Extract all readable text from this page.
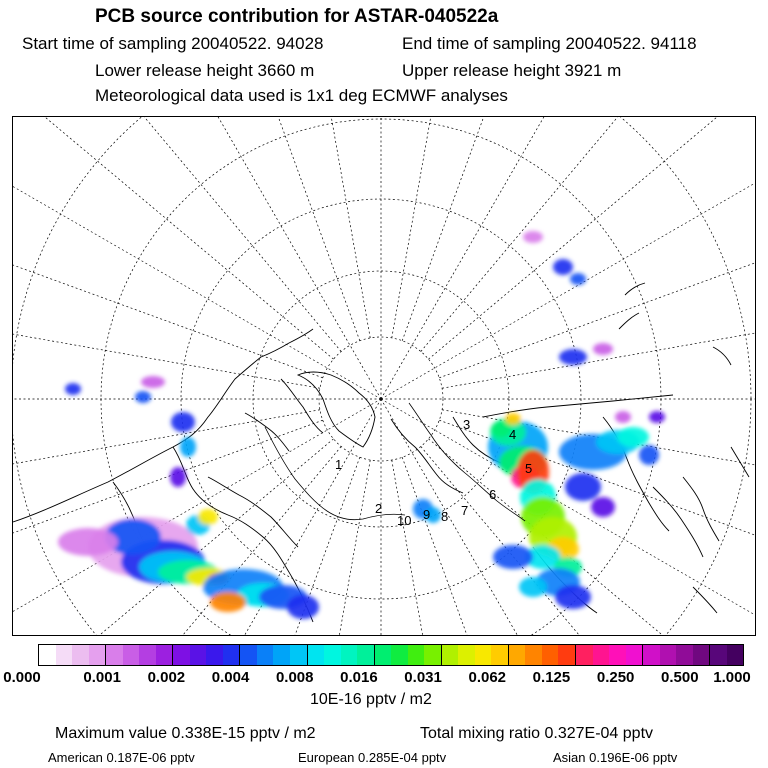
PCB source contribution for ASTAR-040522a
Start time of sampling 20040522. 94028	End time of sampling 20040522. 94118
Lower release height 3660 m	Upper release height 3921 m
Meteorological data used is 1x1 deg ECMWF analyses
3
4
5
6
7
8
9
10
1
2
0.000	0.001 0.002 0.004 0.008 0.016 0.031 0.062 0.125 0.250 0.500 1.000
10E-16 pptv / m2
Maximum value 0.338E-15 pptv / m2	Total mixing ratio 0.327E-04 pptv
American 0.187E-06 pptv	European 0.285E-04 pptv	Asian 0.196E-06 pptv
